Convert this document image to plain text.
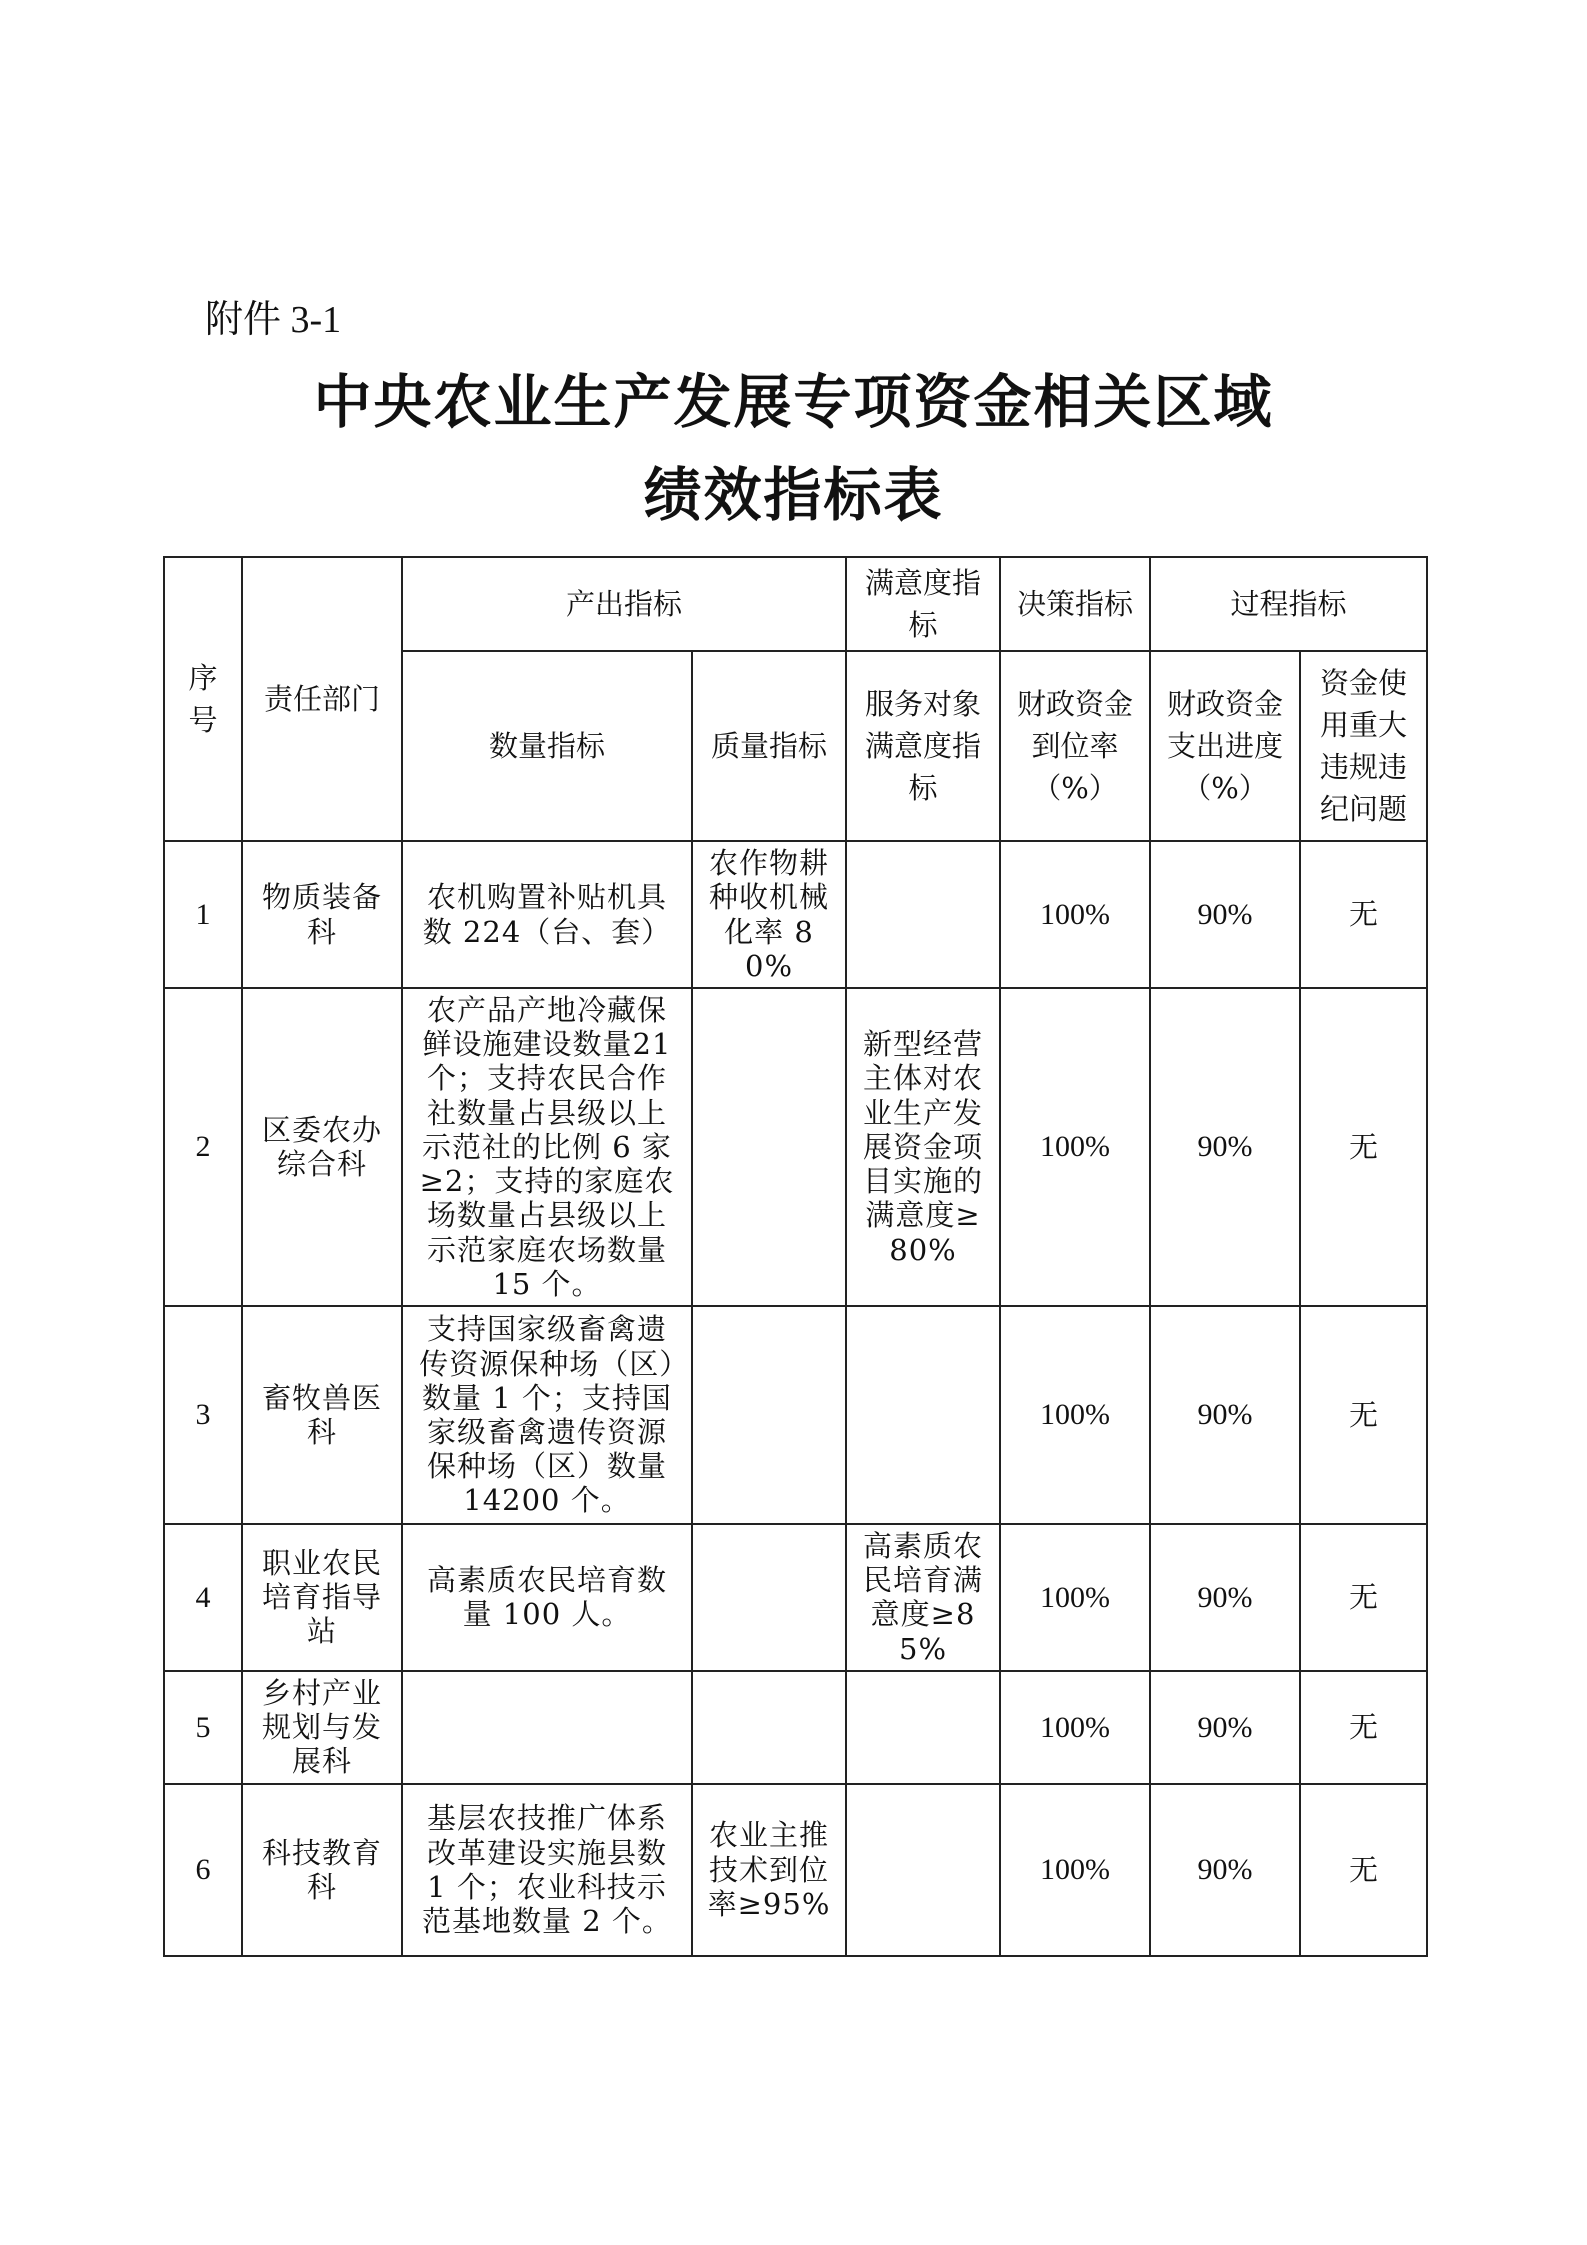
附件 3-1
中央农业生产发展专项资金相关区域
绩效指标表
序号	责任部门	产出指标		满意度指标	决策指标	过程指标	
		数量指标	质量指标	服务对象满意度指标	财政资金到位率（%）	财政资金支出进度（%）	资金使用重大违规违纪问题
1	物质装备科	农机购置补贴机具数 224（台、套）	农作物耕种收机械化率 80%		100%	90%	无
2	区委农办综合科	农产品产地冷藏保鲜设施建设数量21个；支持农民合作社数量占县级以上示范社的比例 6 家≥2；支持的家庭农场数量占县级以上示范家庭农场数量 15 个。		新型经营主体对农业生产发展资金项目实施的满意度≥80%	100%	90%	无
3	畜牧兽医科	支持国家级畜禽遗传资源保种场（区）数量 1 个；支持国家级畜禽遗传资源保种场（区）数量 14200 个。			100%	90%	无
4	职业农民培育指导站	高素质农民培育数量 100 人。		高素质农民培育满意度≥85%	100%	90%	无
5	乡村产业规划与发展科				100%	90%	无
6	科技教育科	基层农技推广体系改革建设实施县数 1 个；农业科技示范基地数量 2 个。	农业主推技术到位率≥95%		100%	90%	无
